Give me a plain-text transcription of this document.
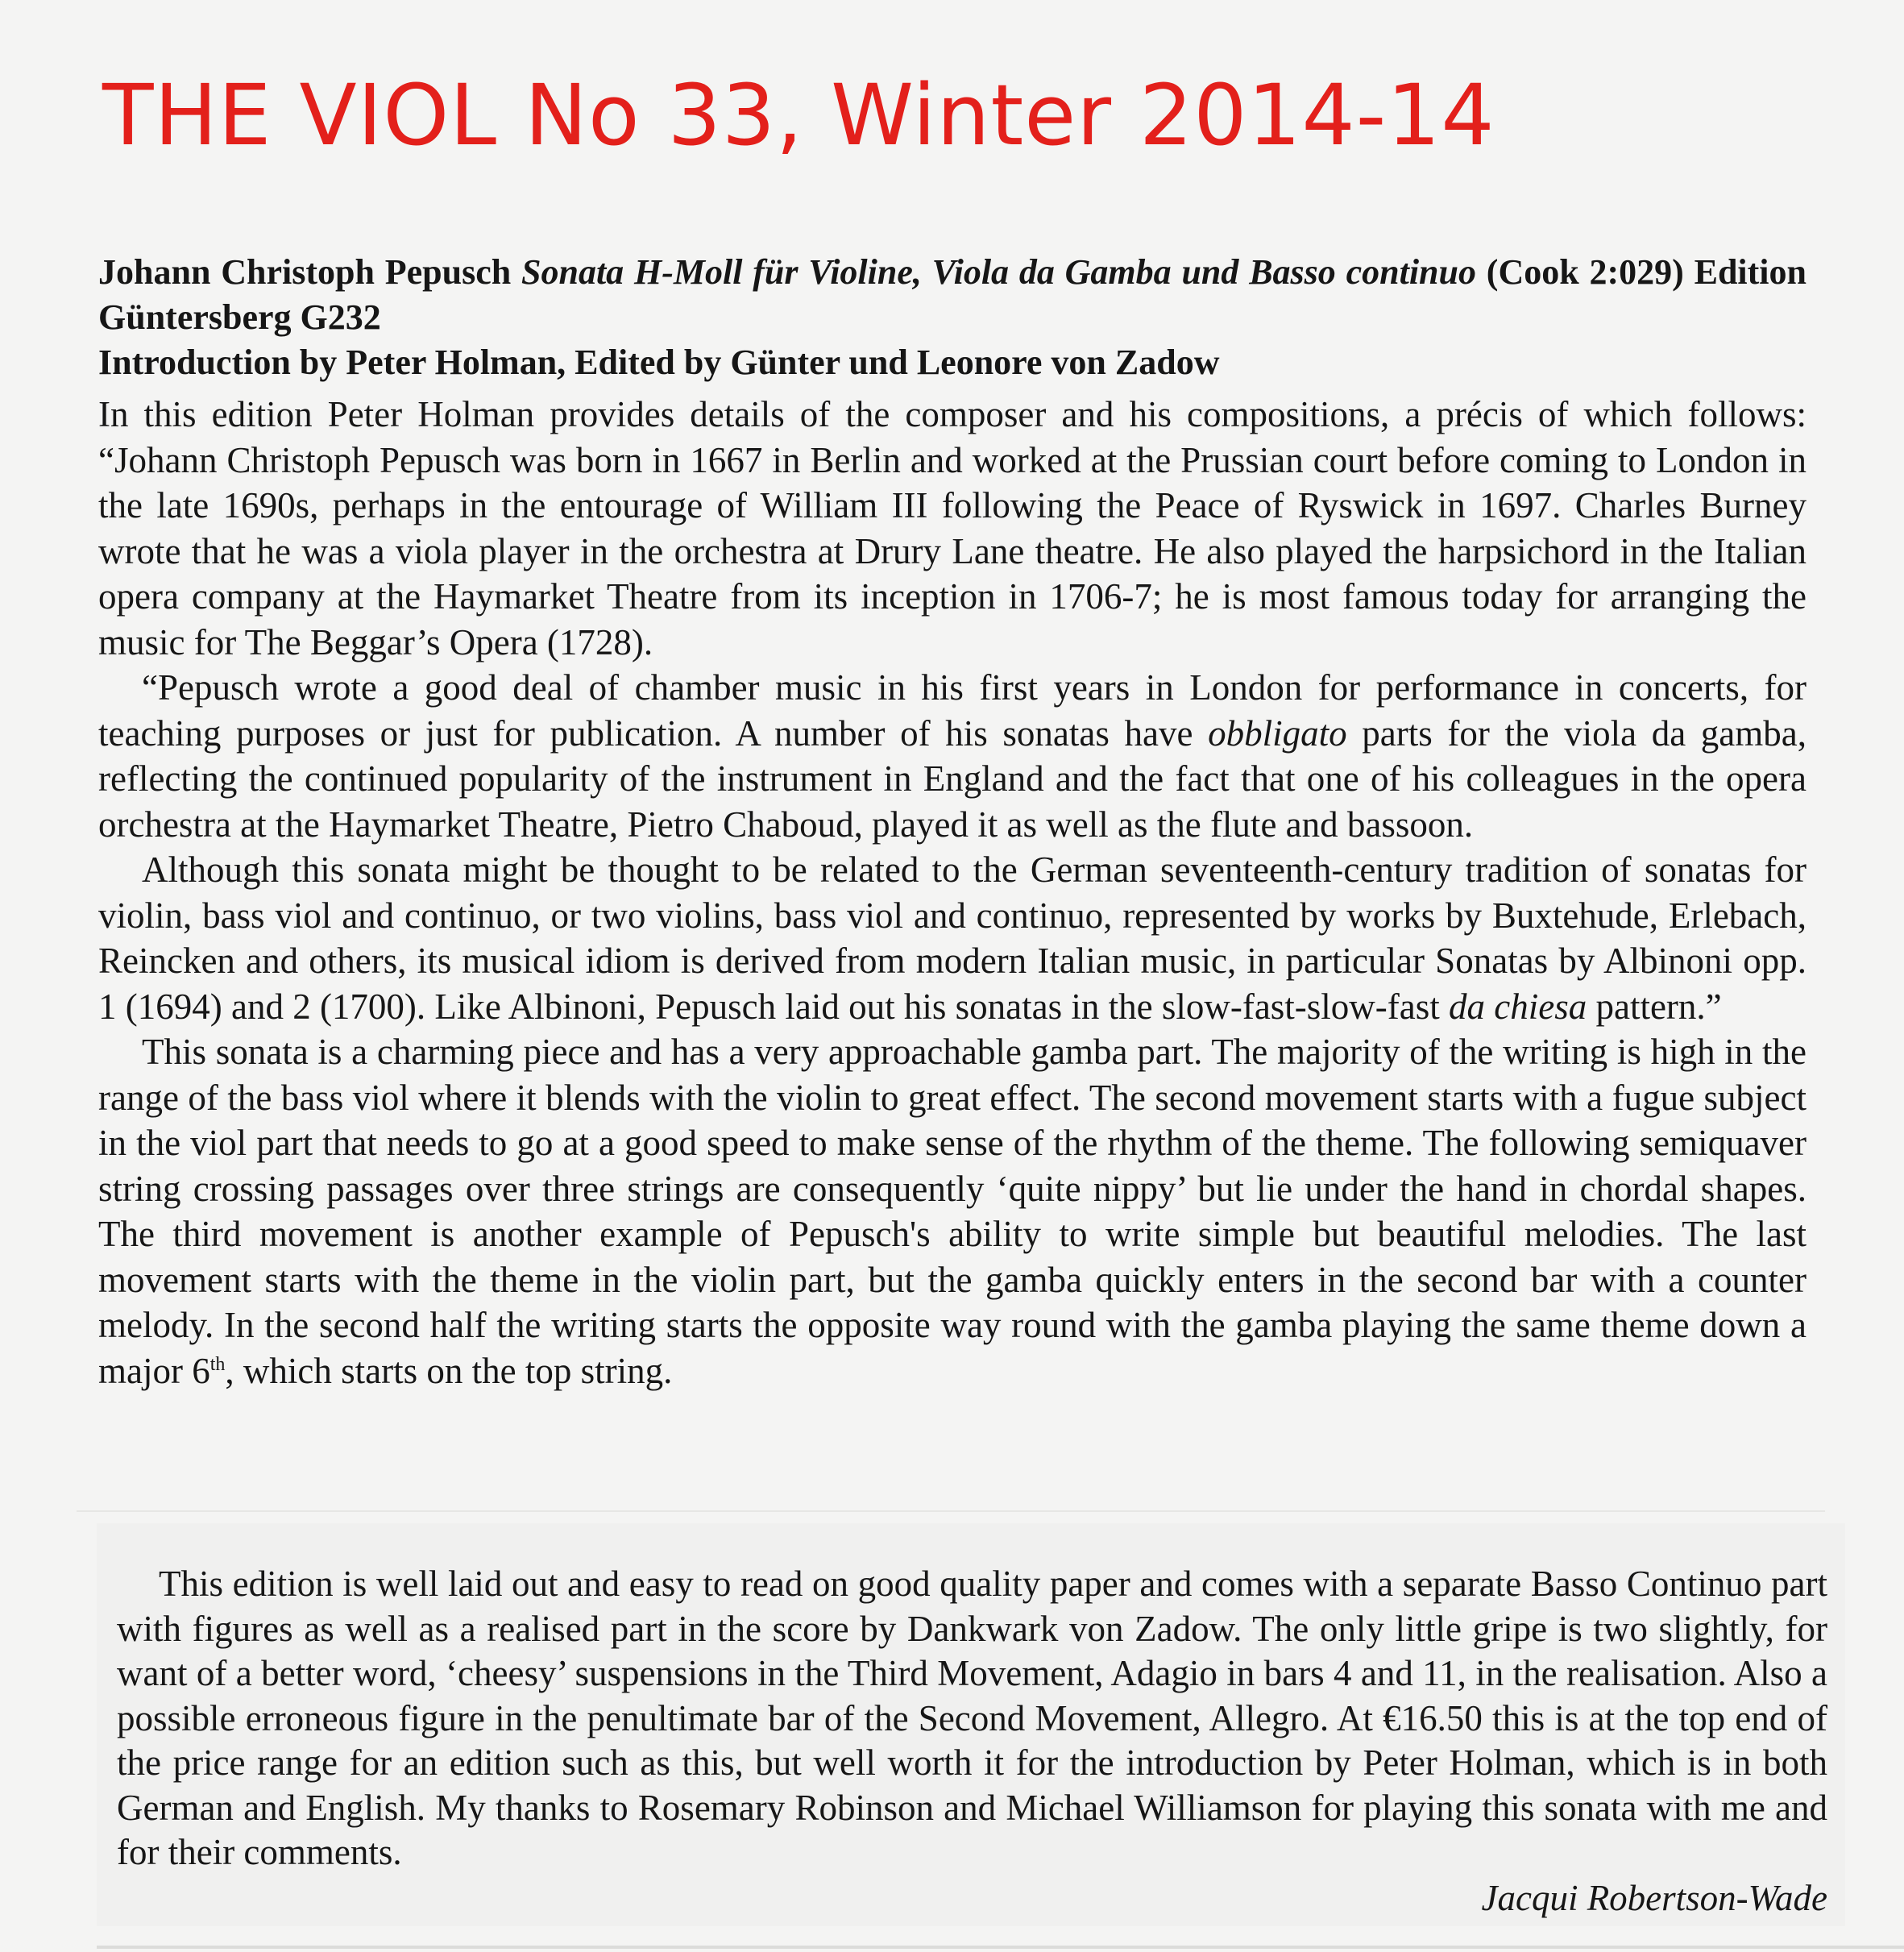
THE VIOL No 33, Winter 2014-14

Johann Christoph Pepusch Sonata H-Moll für Violine, Viola da Gamba und Basso continuo (Cook 2:029) Edition Güntersberg G232
Introduction by Peter Holman, Edited by Günter und Leonore von Zadow

In this edition Peter Holman provides details of the composer and his compositions, a précis of which follows: “Johann Christoph Pepusch was born in 1667 in Berlin and worked at the Prussian court before coming to London in the late 1690s, perhaps in the entourage of William III following the Peace of Ryswick in 1697. Charles Burney wrote that he was a viola player in the orchestra at Drury Lane theatre. He also played the harpsichord in the Italian opera company at the Haymarket Theatre from its inception in 1706-7; he is most famous today for arranging the music for The Beggar’s Opera (1728).

“Pepusch wrote a good deal of chamber music in his first years in London for performance in concerts, for teaching purposes or just for publication. A number of his sonatas have obbligato parts for the viola da gamba, reflecting the continued popularity of the instrument in England and the fact that one of his colleagues in the opera orchestra at the Haymarket Theatre, Pietro Chaboud, played it as well as the flute and bassoon.

Although this sonata might be thought to be related to the German seventeenth-century tradition of sonatas for violin, bass viol and continuo, or two violins, bass viol and continuo, represented by works by Buxtehude, Erlebach, Reincken and others, its musical idiom is derived from modern Italian music, in particular Sonatas by Albinoni opp. 1 (1694) and 2 (1700). Like Albinoni, Pepusch laid out his sonatas in the slow-fast-slow-fast da chiesa pattern.”

This sonata is a charming piece and has a very approachable gamba part. The majority of the writing is high in the range of the bass viol where it blends with the violin to great effect. The second movement starts with a fugue subject in the viol part that needs to go at a good speed to make sense of the rhythm of the theme. The following semiquaver string crossing passages over three strings are consequently ‘quite nippy’ but lie under the hand in chordal shapes. The third movement is another example of Pepusch's ability to write simple but beautiful melodies. The last movement starts with the theme in the violin part, but the gamba quickly enters in the second bar with a counter melody. In the second half the writing starts the opposite way round with the gamba playing the same theme down a major 6th, which starts on the top string.

This edition is well laid out and easy to read on good quality paper and comes with a separate Basso Continuo part with figures as well as a realised part in the score by Dankwark von Zadow. The only little gripe is two slightly, for want of a better word, ‘cheesy’ suspensions in the Third Movement, Adagio in bars 4 and 11, in the realisation. Also a possible erroneous figure in the penultimate bar of the Second Movement, Allegro. At €16.50 this is at the top end of the price range for an edition such as this, but well worth it for the introduction by Peter Holman, which is in both German and English. My thanks to Rosemary Robinson and Michael Williamson for playing this sonata with me and for their comments.

Jacqui Robertson-Wade
